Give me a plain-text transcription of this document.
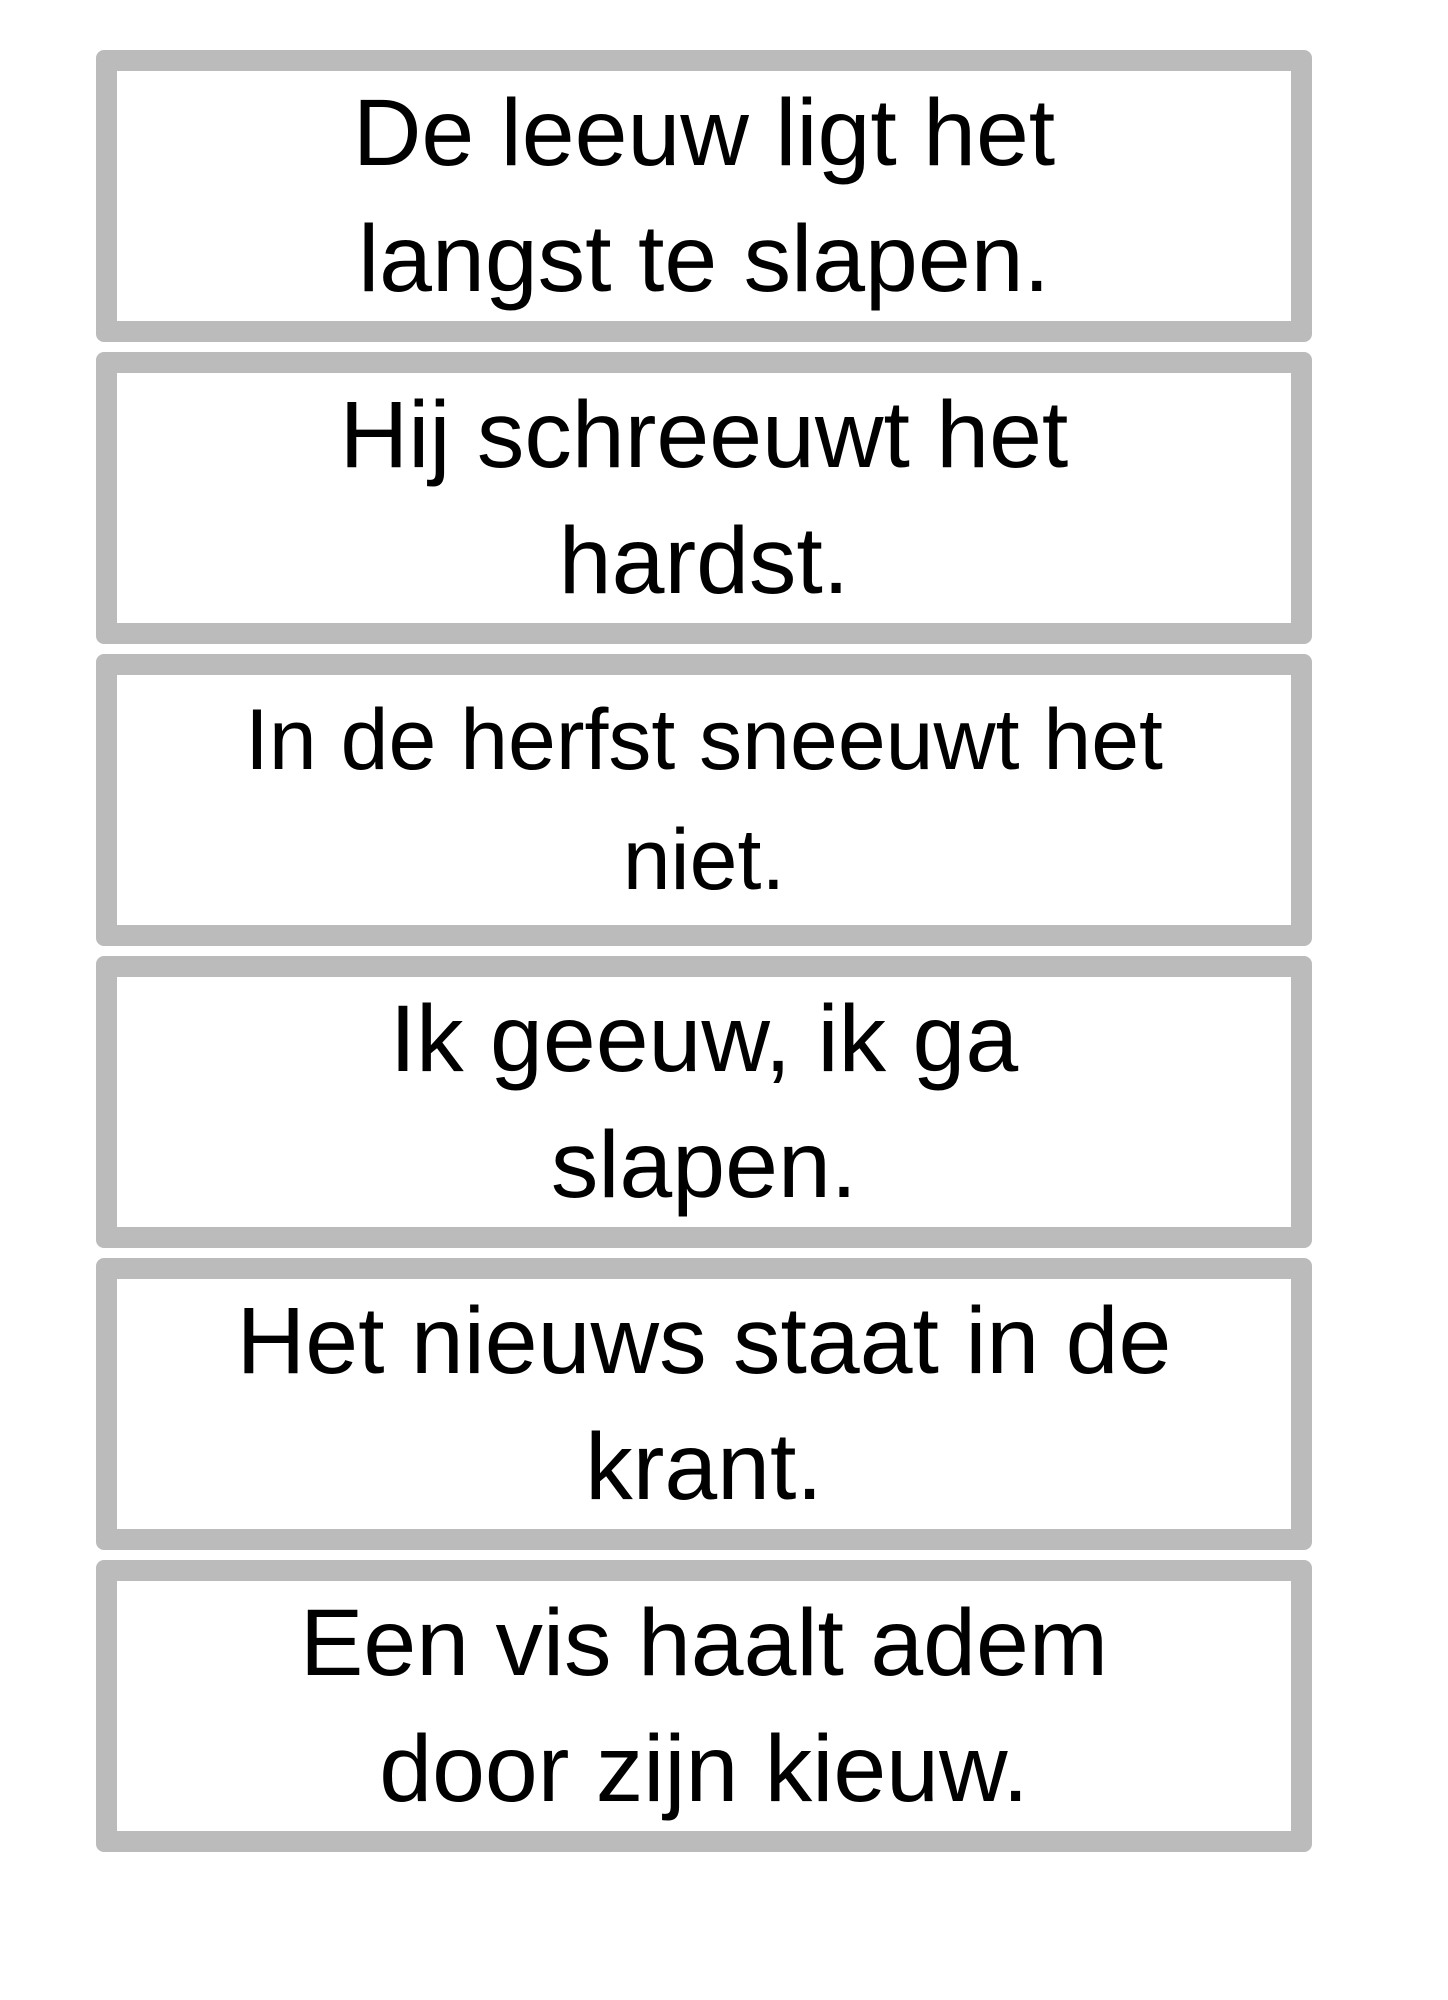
De leeuw ligt het
langst te slapen.
Hij schreeuwt het
hardst.
In de herfst sneeuwt het
niet.
Ik geeuw, ik ga
slapen.
Het nieuws staat in de
krant.
Een vis haalt adem
door zijn kieuw.
